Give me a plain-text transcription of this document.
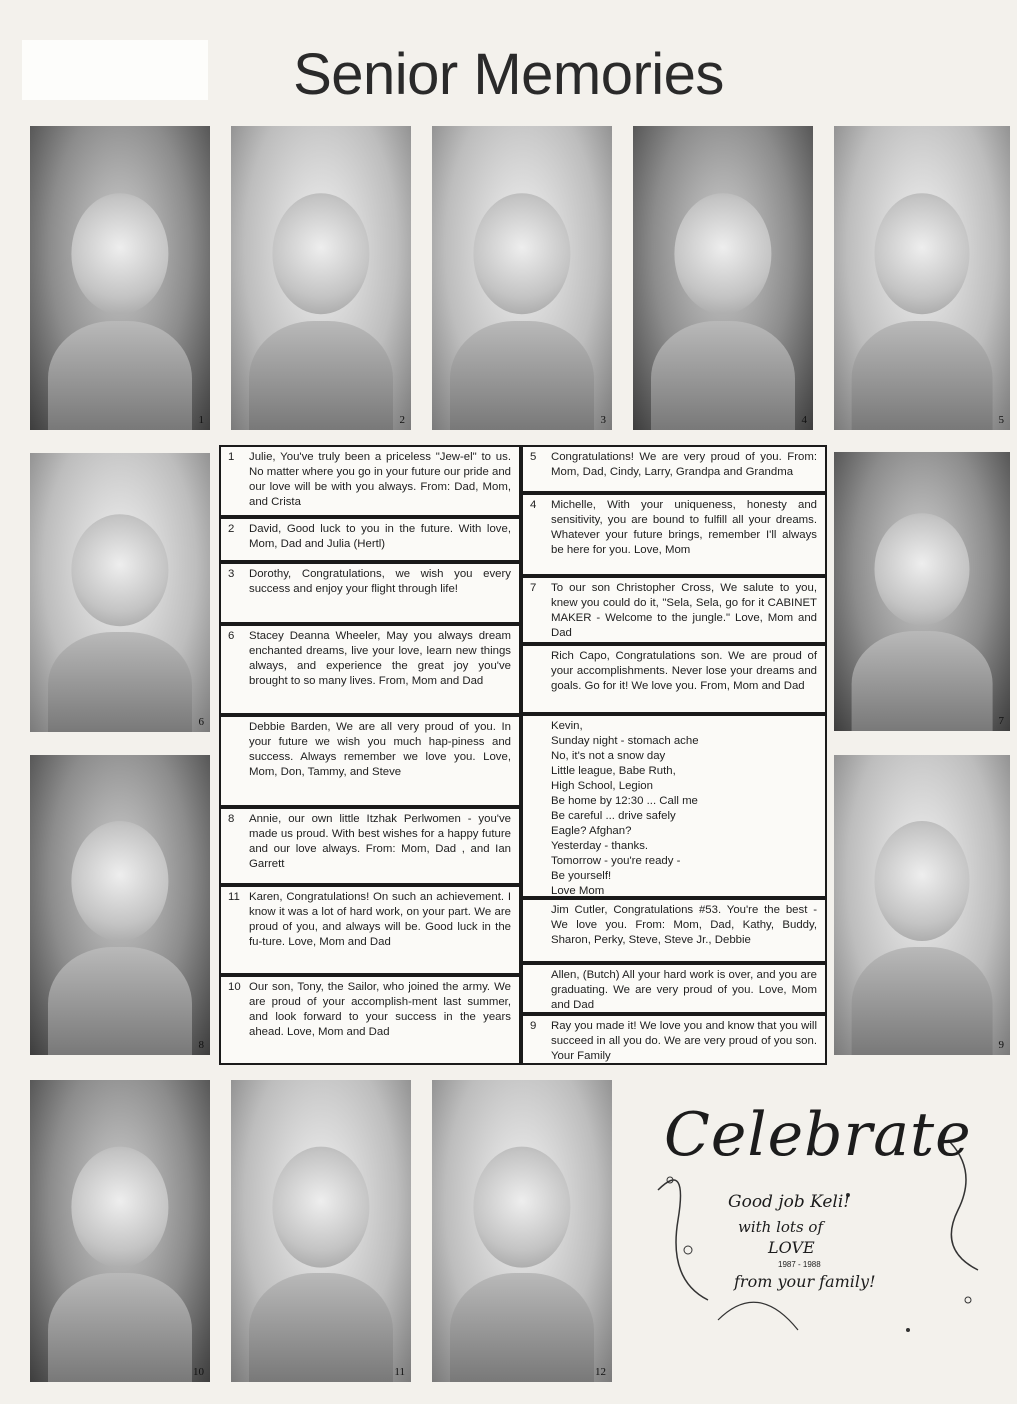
Senior Memories
1	2	3	4	5
6
8
7
9
10	11	12
1 Julie, You've truly been a priceless "Jew-el" to us. No matter where you go in your future our pride and our love will be with you always. From: Dad, Mom, and Crista
2 David, Good luck to you in the future. With love, Mom, Dad and Julia (Hertl)
3 Dorothy, Congratulations, we wish you every success and enjoy your flight through life!
6 Stacey Deanna Wheeler, May you always dream enchanted dreams, live your love, learn new things always, and experience the great joy you've brought to so many lives. From, Mom and Dad
Debbie Barden, We are all very proud of you. In your future we wish you much hap-piness and success. Always remember we love you. Love, Mom, Don, Tammy, and Steve
8 Annie, our own little Itzhak Perlwomen - you've made us proud. With best wishes for a happy future and our love always. From: Mom, Dad , and Ian Garrett
11 Karen, Congratulations! On such an achievement. I know it was a lot of hard work, on your part. We are proud of you, and always will be. Good luck in the fu-ture. Love, Mom and Dad
10 Our son, Tony, the Sailor, who joined the army. We are proud of your accomplish-ment last summer, and look forward to your success in the years ahead. Love, Mom and Dad
5 Congratulations! We are very proud of you. From: Mom, Dad, Cindy, Larry, Grandpa and Grandma
4 Michelle, With your uniqueness, honesty and sensitivity, you are bound to fulfill all your dreams. Whatever your future brings, remember I'll always be here for you. Love, Mom
7 To our son Christopher Cross, We salute to you, knew you could do it, "Sela, Sela, go for it CABINET MAKER - Welcome to the jungle." Love, Mom and Dad
Rich Capo, Congratulations son. We are proud of your accomplishments. Never lose your dreams and goals. Go for it! We love you. From, Mom and Dad
Kevin,
Sunday night - stomach ache
No, it's not a snow day
Little league, Babe Ruth,
High School, Legion
Be home by 12:30 ... Call me
Be careful ... drive safely
Eagle? Afghan?
Yesterday - thanks.
Tomorrow - you're ready -
Be yourself!
Love Mom
Jim Cutler, Congratulations #53. You're the best - We love you. From: Mom, Dad, Kathy, Buddy, Sharon, Perky, Steve, Steve Jr., Debbie
Allen, (Butch) All your hard work is over, and you are graduating. We are very proud of you. Love, Mom and Dad
9 Ray you made it! We love you and know that you will succeed in all you do. We are very proud of you son. Your Family
Celebrate
Good job Keli!
with lots of
LOVE
1987 - 1988
from your family!
